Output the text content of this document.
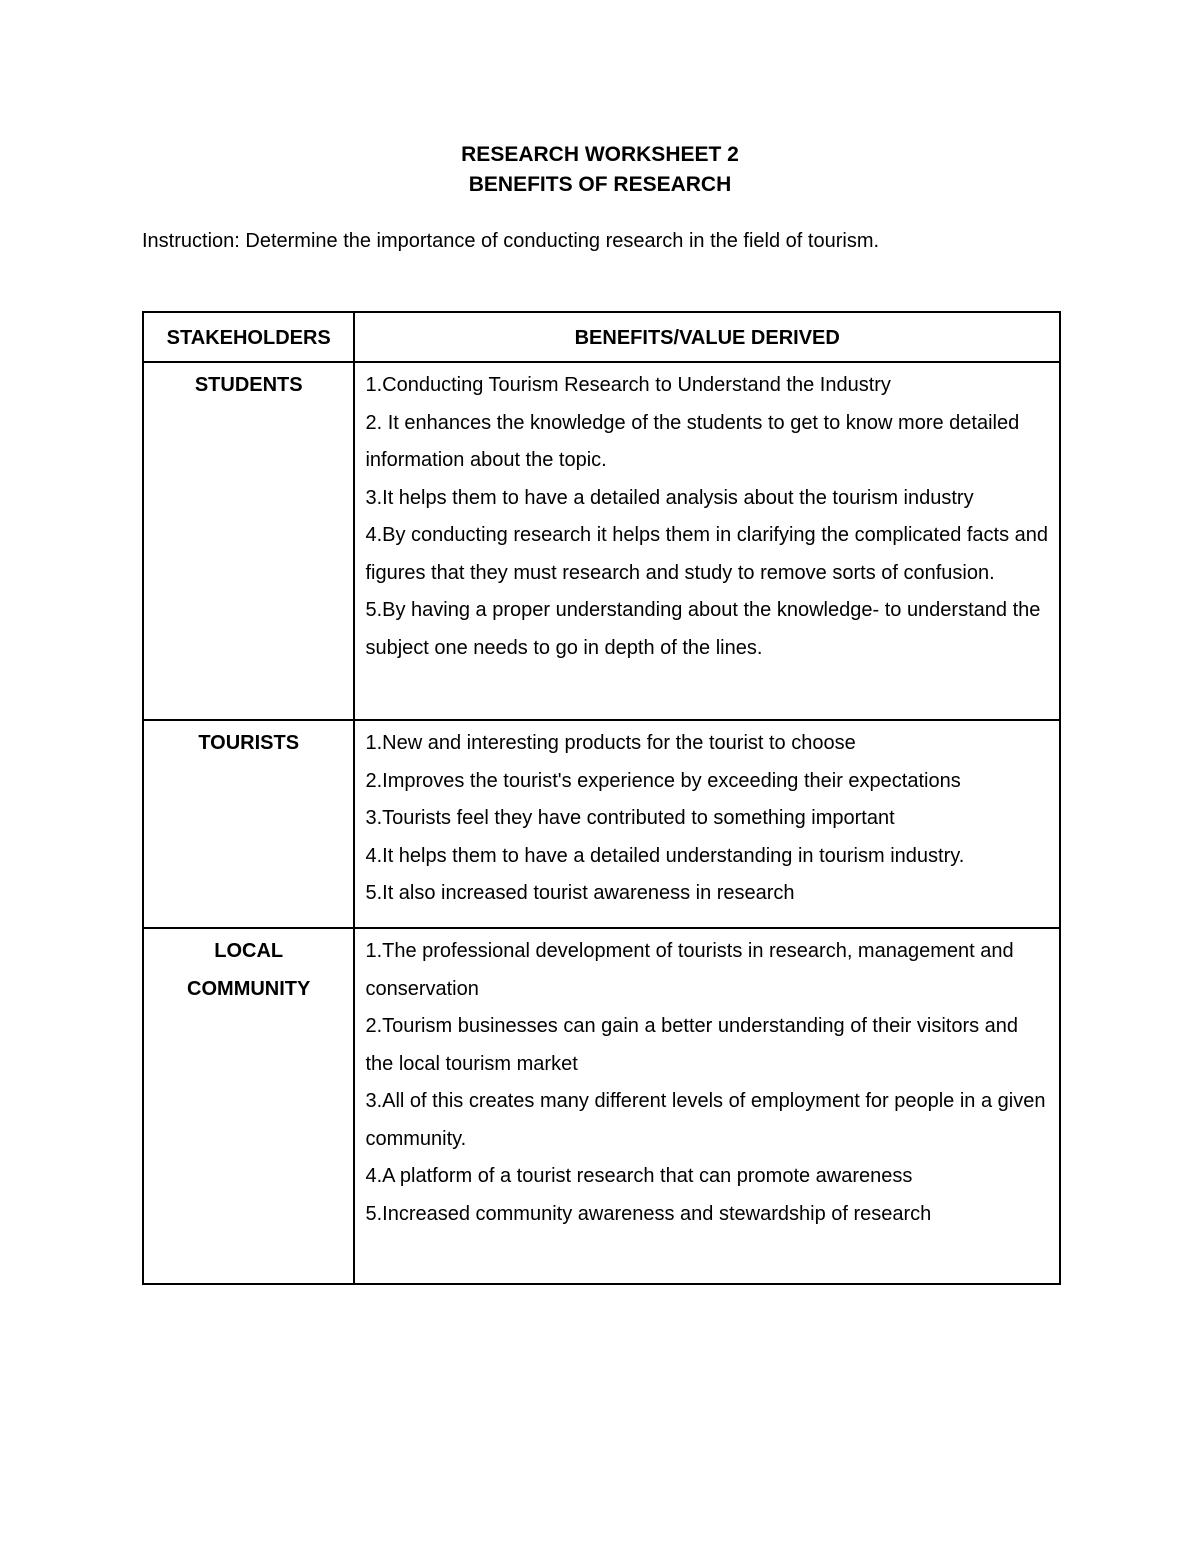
RESEARCH WORKSHEET 2
BENEFITS OF RESEARCH
Instruction: Determine the importance of conducting research in the field of tourism.
STAKEHOLDERS	BENEFITS/VALUE DERIVED

STUDENTS	1.Conducting Tourism Research to Understand the Industry
2. It enhances the knowledge of the students to get to know more detailed information about the topic.
3.It helps them to have a detailed analysis about the tourism industry
4.By conducting research it helps them in clarifying the complicated facts and figures that they must research and study to remove sorts of confusion.
5.By having a proper understanding about the knowledge- to understand the subject one needs to go in depth of the lines.

TOURISTS	1.New and interesting products for the tourist to choose
2.Improves the tourist's experience by exceeding their expectations
3.Tourists feel they have contributed to something important
4.It helps them to have a detailed understanding in tourism industry.
5.It also increased tourist awareness in research

LOCAL COMMUNITY	1.The professional development of tourists in research, management and conservation
2.Tourism businesses can gain a better understanding of their visitors and the local tourism market
3.All of this creates many different levels of employment for people in a given community.
4.A platform of a tourist research that can promote awareness
5.Increased community awareness and stewardship of research
